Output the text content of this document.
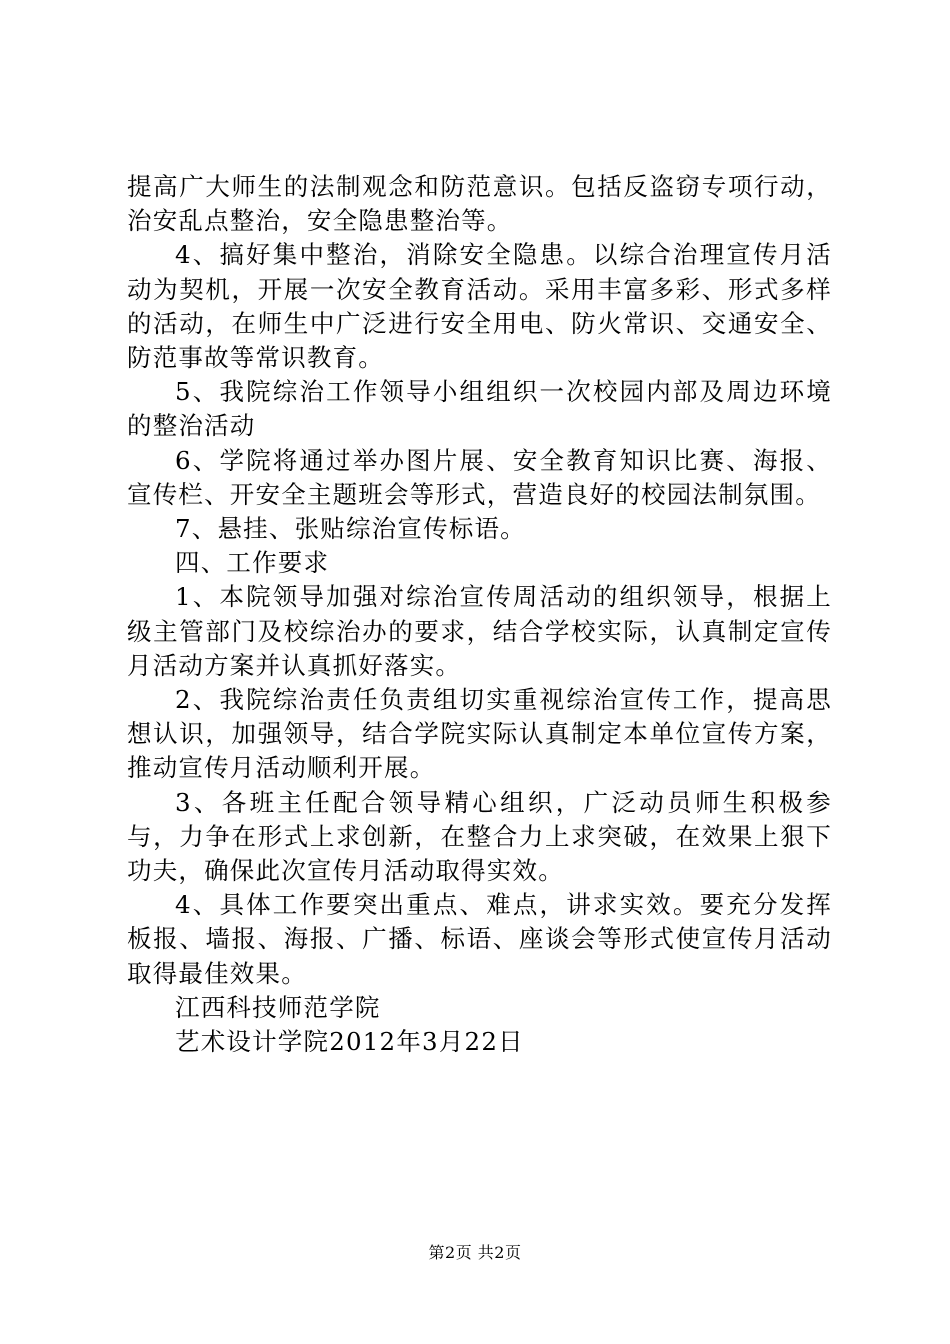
提高广大师生的法制观念和防范意识。包括反盗窃专项行动，治安乱点整治，安全隐患整治等。

4、搞好集中整治，消除安全隐患。以综合治理宣传月活动为契机，开展一次安全教育活动。采用丰富多彩、形式多样的活动，在师生中广泛进行安全用电、防火常识、交通安全、防范事故等常识教育。

5、我院综治工作领导小组组织一次校园内部及周边环境的整治活动

6、学院将通过举办图片展、安全教育知识比赛、海报、宣传栏、开安全主题班会等形式，营造良好的校园法制氛围。

7、悬挂、张贴综治宣传标语。

四、工作要求

1、本院领导加强对综治宣传周活动的组织领导，根据上级主管部门及校综治办的要求，结合学校实际，认真制定宣传月活动方案并认真抓好落实。

2、我院综治责任负责组切实重视综治宣传工作，提高思想认识，加强领导，结合学院实际认真制定本单位宣传方案，推动宣传月活动顺利开展。

3、各班主任配合领导精心组织，广泛动员师生积极参与，力争在形式上求创新，在整合力上求突破，在效果上狠下功夫，确保此次宣传月活动取得实效。

4、具体工作要突出重点、难点，讲求实效。要充分发挥板报、墙报、海报、广播、标语、座谈会等形式使宣传月活动取得最佳效果。

江西科技师范学院

艺术设计学院2012年3月22日

第2页 共2页
